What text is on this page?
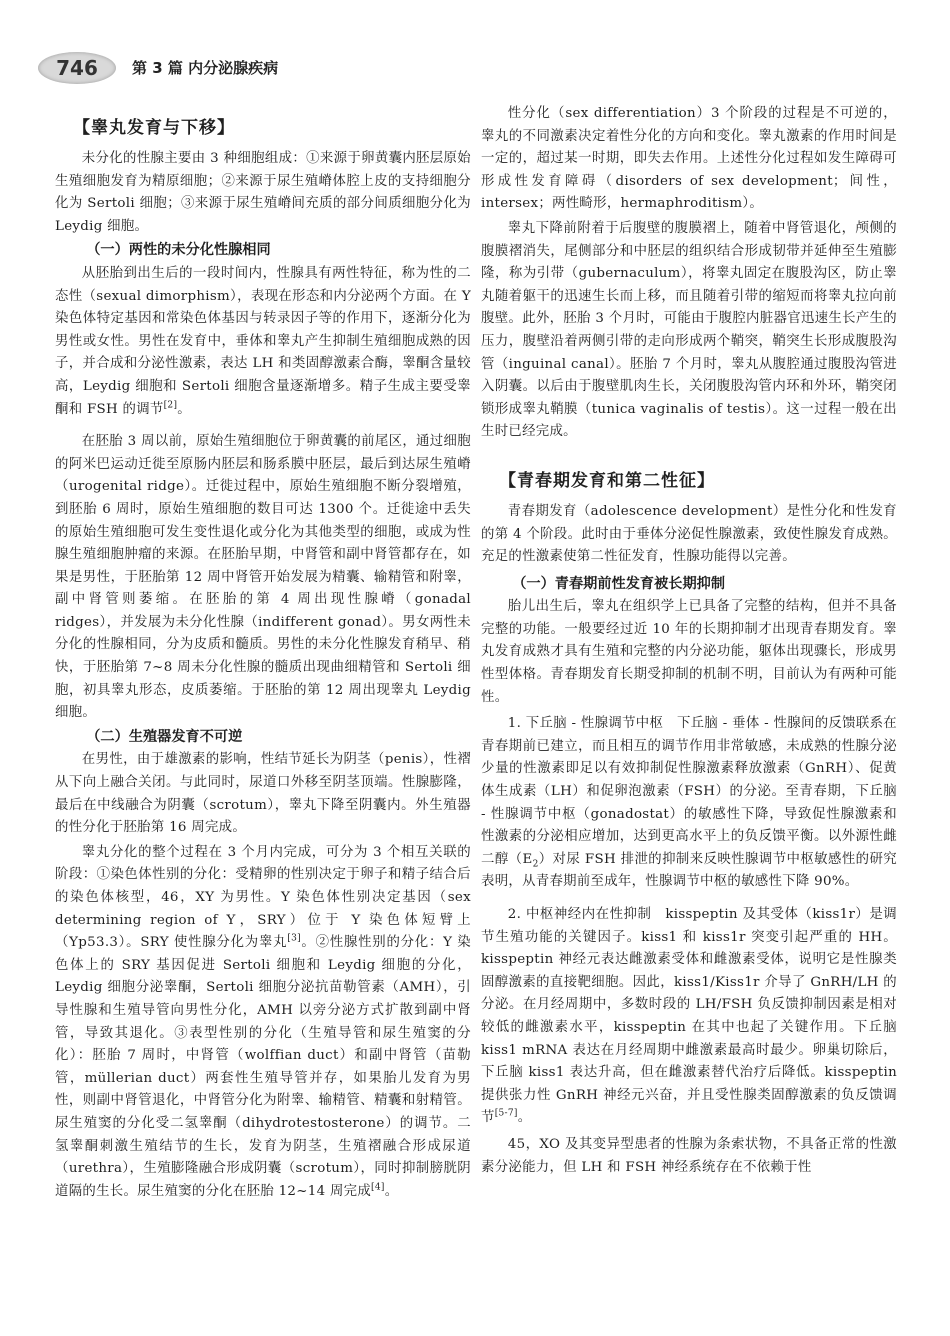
746	第 3 篇 内分泌腺疾病
【睾丸发育与下移】

未分化的性腺主要由 3 种细胞组成：①来源于卵黄囊内胚层原始生殖细胞发育为精原细胞；②来源于尿生殖嵴体腔上皮的支持细胞分化为 Sertoli 细胞；③来源于尿生殖嵴间充质的部分间质细胞分化为 Leydig 细胞。

（一）两性的未分化性腺相同

从胚胎到出生后的一段时间内，性腺具有两性特征，称为性的二态性（sexual dimorphism），表现在形态和内分泌两个方面。在 Y 染色体特定基因和常染色体基因与转录因子等的作用下，逐渐分化为男性或女性。男性在发育中，垂体和睾丸产生抑制生殖细胞成熟的因子，并合成和分泌性激素，表达 LH 和类固醇激素合酶，睾酮含量较高，Leydig 细胞和 Sertoli 细胞含量逐渐增多。精子生成主要受睾酮和 FSH 的调节[2]。

在胚胎 3 周以前，原始生殖细胞位于卵黄囊的前尾区，通过细胞的阿米巴运动迁徙至原肠内胚层和肠系膜中胚层，最后到达尿生殖嵴（urogenital ridge）。迁徙过程中，原始生殖细胞不断分裂增殖，到胚胎 6 周时，原始生殖细胞的数目可达 1300 个。迁徙途中丢失的原始生殖细胞可发生变性退化或分化为其他类型的细胞，或成为性腺生殖细胞肿瘤的来源。在胚胎早期，中肾管和副中肾管都存在，如果是男性，于胚胎第 12 周中肾管开始发展为精囊、输精管和附睾，副中肾管则萎缩。在胚胎的第 4 周出现性腺嵴（gonadal ridges），并发展为未分化性腺（indifferent gonad）。男女两性未分化的性腺相同，分为皮质和髓质。男性的未分化性腺发育稍早、稍快，于胚胎第 7~8 周未分化性腺的髓质出现曲细精管和 Sertoli 细胞，初具睾丸形态，皮质萎缩。于胚胎的第 12 周出现睾丸 Leydig 细胞。

（二）生殖器发育不可逆

在男性，由于雄激素的影响，性结节延长为阴茎（penis），性褶从下向上融合关闭。与此同时，尿道口外移至阴茎顶端。性腺膨隆，最后在中线融合为阴囊（scrotum），睾丸下降至阴囊内。外生殖器的性分化于胚胎第 16 周完成。

睾丸分化的整个过程在 3 个月内完成，可分为 3 个相互关联的阶段：①染色体性别的分化：受精卵的性别决定于卵子和精子结合后的染色体核型，46，XY 为男性。Y 染色体性别决定基因（sex determining region of Y，SRY）位于 Y 染色体短臂上（Yp53.3）。SRY 使性腺分化为睾丸[3]。②性腺性别的分化：Y 染色体上的 SRY 基因促进 Sertoli 细胞和 Leydig 细胞的分化，Leydig 细胞分泌睾酮，Sertoli 细胞分泌抗苗勒管素（AMH），引导性腺和生殖导管向男性分化，AMH 以旁分泌方式扩散到副中肾管，导致其退化。③表型性别的分化（生殖导管和尿生殖窦的分化）：胚胎 7 周时，中肾管（wolffian duct）和副中肾管（苗勒管，müllerian duct）两套性生殖导管并存，如果胎儿发育为男性，则副中肾管退化，中肾管分化为附睾、输精管、精囊和射精管。尿生殖窦的分化受二氢睾酮（dihydrotestosterone）的调节。二氢睾酮刺激生殖结节的生长，发育为阴茎，生殖褶融合形成尿道（urethra），生殖膨隆融合形成阴囊（scrotum），同时抑制膀胱阴道隔的生长。尿生殖窦的分化在胚胎 12~14 周完成[4]。

性分化（sex differentiation）3 个阶段的过程是不可逆的，睾丸的不同激素决定着性分化的方向和变化。睾丸激素的作用时间是一定的，超过某一时期，即失去作用。上述性分化过程如发生障碍可形成性发育障碍（disorders of sex development；间性，intersex；两性畸形，hermaphroditism）。

睾丸下降前附着于后腹壁的腹膜褶上，随着中肾管退化，颅侧的腹膜褶消失，尾侧部分和中胚层的组织结合形成韧带并延伸至生殖膨隆，称为引带（gubernaculum），将睾丸固定在腹股沟区，防止睾丸随着躯干的迅速生长而上移，而且随着引带的缩短而将睾丸拉向前腹壁。此外，胚胎 3 个月时，可能由于腹腔内脏器官迅速生长产生的压力，腹壁沿着两侧引带的走向形成两个鞘突，鞘突生长形成腹股沟管（inguinal canal）。胚胎 7 个月时，睾丸从腹腔通过腹股沟管进入阴囊。以后由于腹壁肌肉生长，关闭腹股沟管内环和外环，鞘突闭锁形成睾丸鞘膜（tunica vaginalis of testis）。这一过程一般在出生时已经完成。

【青春期发育和第二性征】

青春期发育（adolescence development）是性分化和性发育的第 4 个阶段。此时由于垂体分泌促性腺激素，致使性腺发育成熟。充足的性激素使第二性征发育，性腺功能得以完善。

（一）青春期前性发育被长期抑制

胎儿出生后，睾丸在组织学上已具备了完整的结构，但并不具备完整的功能。一般要经过近 10 年的长期抑制才出现青春期发育。睾丸发育成熟才具有生殖和完整的内分泌功能，躯体出现骤长，形成男性型体格。青春期发育长期受抑制的机制不明，目前认为有两种可能性。

1. 下丘脑 - 性腺调节中枢　下丘脑 - 垂体 - 性腺间的反馈联系在青春期前已建立，而且相互的调节作用非常敏感，未成熟的性腺分泌少量的性激素即足以有效抑制促性腺激素释放激素（GnRH）、促黄体生成素（LH）和促卵泡激素（FSH）的分泌。至青春期，下丘脑 - 性腺调节中枢（gonadostat）的敏感性下降，导致促性腺激素和性激素的分泌相应增加，达到更高水平上的负反馈平衡。以外源性雌二醇$(E_2)$对尿 FSH 排泄的抑制来反映性腺调节中枢敏感性的研究表明，从青春期前至成年，性腺调节中枢的敏感性下降 90%。

2. 中枢神经内在性抑制　kisspeptin 及其受体（kiss1r）是调节生殖功能的关键因子。kiss1 和 kiss1r 突变引起严重的 HH。kisspeptin 神经元表达雌激素受体和雌激素受体，说明它是性腺类固醇激素的直接靶细胞。因此，kiss1/Kiss1r 介导了 GnRH/LH 的分泌。在月经周期中，多数时段的 LH/FSH 负反馈抑制因素是相对较低的雌激素水平，kisspeptin 在其中也起了关键作用。下丘脑 kiss1 mRNA 表达在月经周期中雌激素最高时最少。卵巢切除后，下丘脑 kiss1 表达升高，但在雌激素替代治疗后降低。kisspeptin 提供张力性 GnRH 神经元兴奋，并且受性腺类固醇激素的负反馈调节[5-7]。

45，XO 及其变异型患者的性腺为条索状物，不具备正常的性激素分泌能力，但 LH 和 FSH 神经系统存在不依赖于性
